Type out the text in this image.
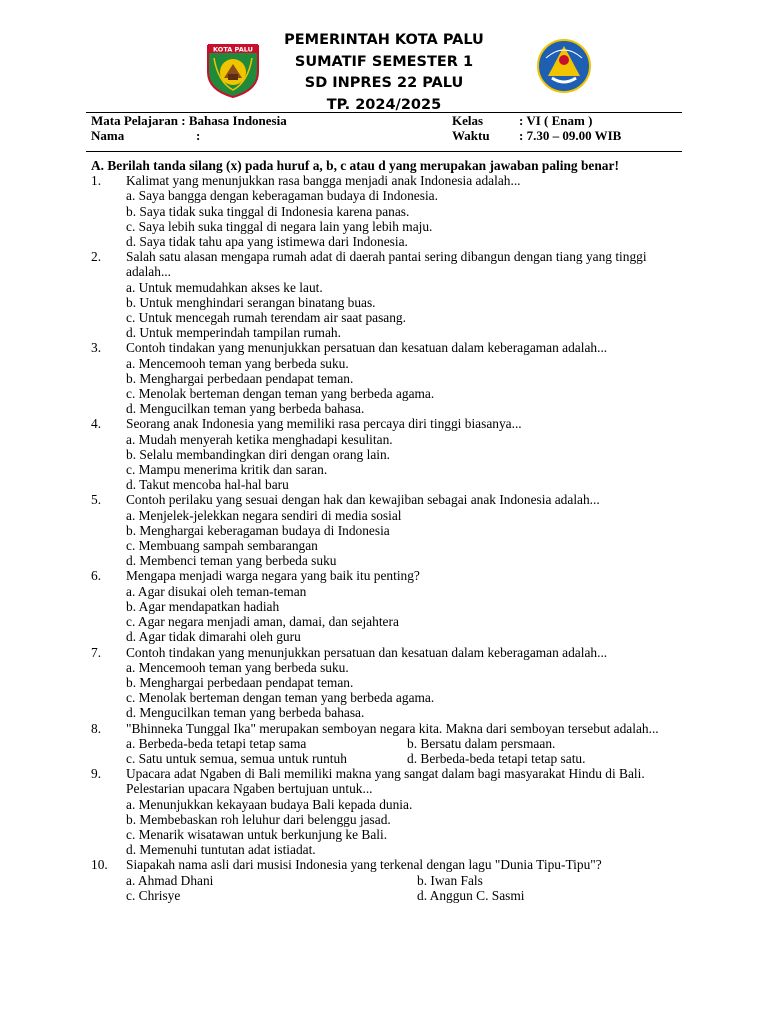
KOTA PALU
PEMERINTAH KOTA PALU
SUMATIF SEMESTER 1
SD INPRES 22 PALU
TP. 2024/2025
Mata Pelajaran : Bahasa Indonesia	Kelas	: VI ( Enam )
Nama	:	Waktu : 7.30 – 09.00 WIB
A. Berilah tanda silang (x) pada huruf a, b, c atau d yang merupakan jawaban paling benar!
1. Kalimat yang menunjukkan rasa bangga menjadi anak Indonesia adalah...
a. Saya bangga dengan keberagaman budaya di Indonesia.
b. Saya tidak suka tinggal di Indonesia karena panas.
c. Saya lebih suka tinggal di negara lain yang lebih maju.
d. Saya tidak tahu apa yang istimewa dari Indonesia.
2. Salah satu alasan mengapa rumah adat di daerah pantai sering dibangun dengan tiang yang tinggi adalah...
a. Untuk memudahkan akses ke laut.
b. Untuk menghindari serangan binatang buas.
c. Untuk mencegah rumah terendam air saat pasang.
d. Untuk memperindah tampilan rumah.
3. Contoh tindakan yang menunjukkan persatuan dan kesatuan dalam keberagaman adalah...
a. Mencemooh teman yang berbeda suku.
b. Menghargai perbedaan pendapat teman.
c. Menolak berteman dengan teman yang berbeda agama.
d. Mengucilkan teman yang berbeda bahasa.
4. Seorang anak Indonesia yang memiliki rasa percaya diri tinggi biasanya...
a. Mudah menyerah ketika menghadapi kesulitan.
b. Selalu membandingkan diri dengan orang lain.
c. Mampu menerima kritik dan saran.
d. Takut mencoba hal-hal baru
5. Contoh perilaku yang sesuai dengan hak dan kewajiban sebagai anak Indonesia adalah...
a. Menjelek-jelekkan negara sendiri di media sosial
b. Menghargai keberagaman budaya di Indonesia
c. Membuang sampah sembarangan
d. Membenci teman yang berbeda suku
6. Mengapa menjadi warga negara yang baik itu penting?
a. Agar disukai oleh teman-teman
b. Agar mendapatkan hadiah
c. Agar negara menjadi aman, damai, dan sejahtera
d. Agar tidak dimarahi oleh guru
7. Contoh tindakan yang menunjukkan persatuan dan kesatuan dalam keberagaman adalah...
a. Mencemooh teman yang berbeda suku.
b. Menghargai perbedaan pendapat teman.
c. Menolak berteman dengan teman yang berbeda agama.
d. Mengucilkan teman yang berbeda bahasa.
8. "Bhinneka Tunggal Ika" merupakan semboyan negara kita. Makna dari semboyan tersebut adalah...
a. Berbeda-beda tetapi tetap sama	b. Bersatu dalam persmaan.
c. Satu untuk semua, semua untuk runtuh	d. Berbeda-beda tetapi tetap satu.
9. Upacara adat Ngaben di Bali memiliki makna yang sangat dalam bagi masyarakat Hindu di Bali. Pelestarian upacara Ngaben bertujuan untuk...
a. Menunjukkan kekayaan budaya Bali kepada dunia.
b. Membebaskan roh leluhur dari belenggu jasad.
c. Menarik wisatawan untuk berkunjung ke Bali.
d. Memenuhi tuntutan adat istiadat.
10. Siapakah nama asli dari musisi Indonesia yang terkenal dengan lagu "Dunia Tipu-Tipu"?
a. Ahmad Dhani	b. Iwan Fals
c. Chrisye	d. Anggun C. Sasmi
